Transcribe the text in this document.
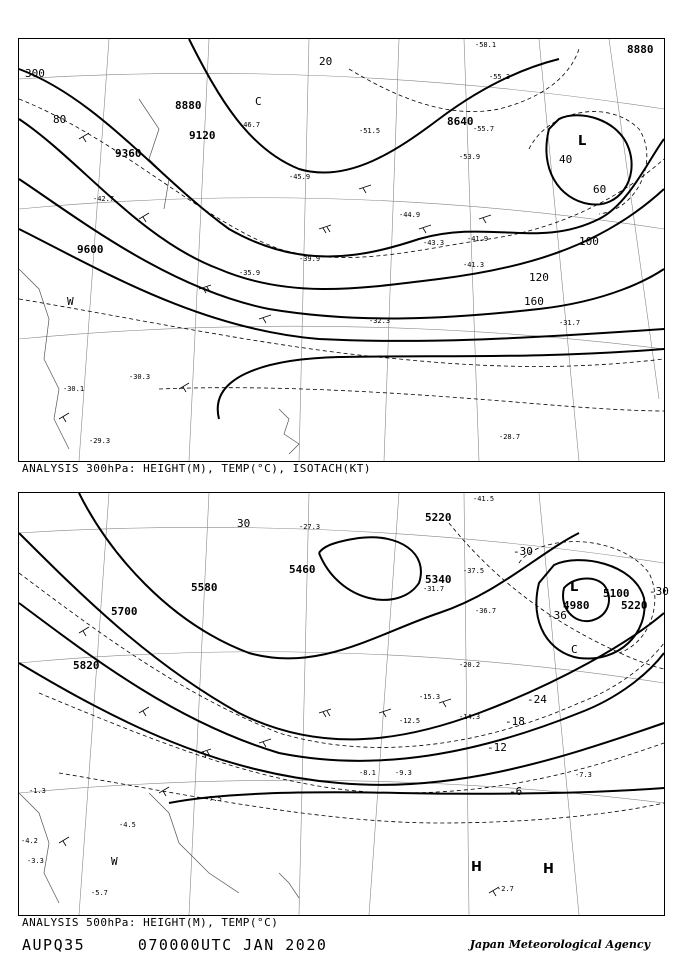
8880
8880
8640
9120
9360
9600
20
40
60
80
100
120
160
300
L
C
W
-58.1
-55.3
-55.7
-51.5
-53.9
-45.9
-44.9
-43.3
-41.3
-39.9
-35.9
-32.3	-31.7
-30.1
-29.3	-28.7
-30.3
-42.7
-46.7
-41.9
ANALYSIS 300hPa: HEIGHT(M), TEMP(°C), ISOTACH(KT)
5220
5340
5460
5580
5700
5820
5100
4980	5220
-30
-36
-24
-18
-12
-6
30
-30
L
C
W	H	H
-41.5
-37.5
-36.7
-31.7
-27.3
-20.2
-15.3
-14.3
-12.5
-9.3
-8.1	-7.3
-5.7
-4.5
-2.7
-4.2
-3.3
-1.3
-7.5
ANALYSIS 500hPa: HEIGHT(M), TEMP(°C)
AUPQ35     070000UTC JAN 2020	Japan Meteorological Agency
